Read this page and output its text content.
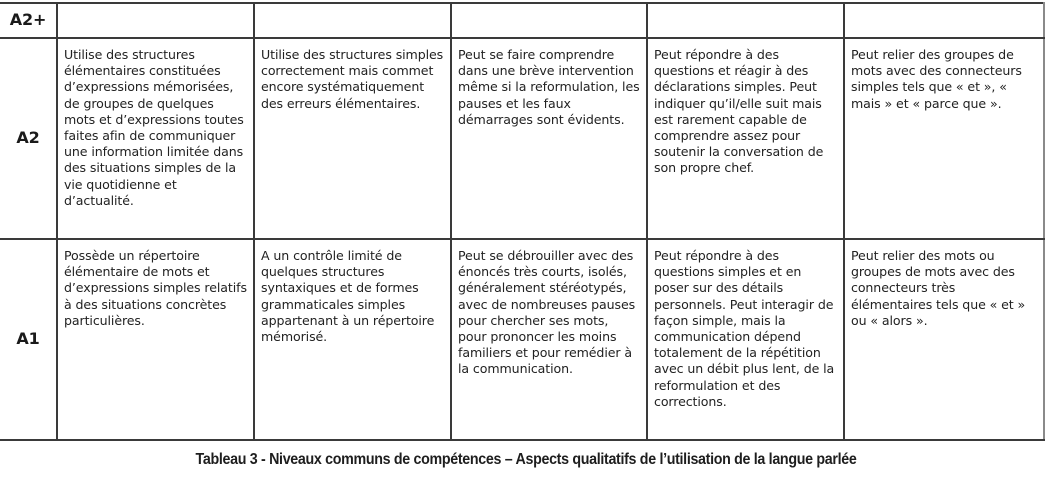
A2+					
A2	Utilise des structures élémentaires constituées d’expressions mémorisées, de groupes de quelques mots et d’expressions toutes faites afin de communiquer une information limitée dans des situations simples de la vie quotidienne et d’actualité.	Utilise des structures simples correctement mais commet encore systématiquement des erreurs élémentaires.	Peut se faire comprendre dans une brève intervention même si la reformulation, les pauses et les faux démarrages sont évidents.	Peut répondre à des questions et réagir à des déclarations simples. Peut indiquer qu’il/elle suit mais est rarement capable de comprendre assez pour soutenir la conversation de son propre chef.	Peut relier des groupes de mots avec des connecteurs simples tels que « et », « mais » et « parce que ».
A1	Possède un répertoire élémentaire de mots et d’expressions simples relatifs à des situations concrètes particulières.	A un contrôle limité de quelques structures syntaxiques et de formes grammaticales simples appartenant à un répertoire mémorisé.	Peut se débrouiller avec des énoncés très courts, isolés, généralement stéréotypés, avec de nombreuses pauses pour chercher ses mots, pour prononcer les moins familiers et pour remédier à la communication.	Peut répondre à des questions simples et en poser sur des détails personnels. Peut interagir de façon simple, mais la communication dépend totalement de la répétition avec un débit plus lent, de la reformulation et des corrections.	Peut relier des mots ou groupes de mots avec des connecteurs très élémentaires tels que « et » ou « alors ».
Tableau 3 - Niveaux communs de compétences – Aspects qualitatifs de l’utilisation de la langue parlée
